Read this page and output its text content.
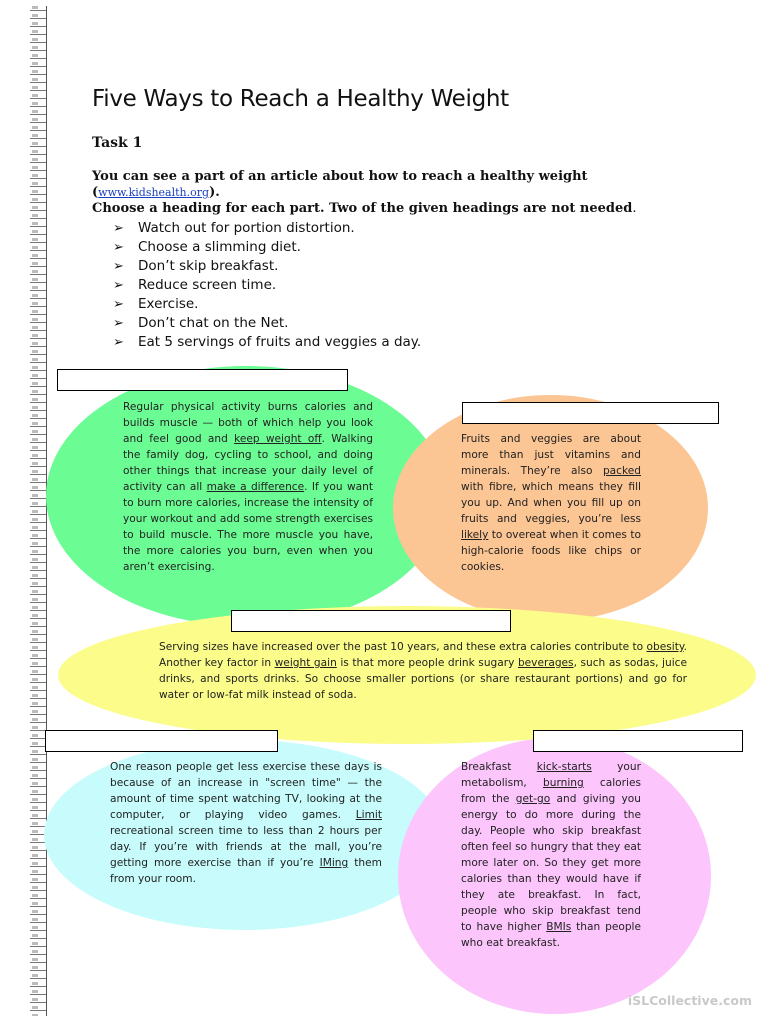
Five Ways to Reach a Healthy Weight
Task 1
You can see a part of an article about how to reach a healthy weight (www.kidshealth.org).
Choose a heading for each part. Two of the given headings are not needed.
➢ Watch out for portion distortion.
➢ Choose a slimming diet.
➢ Don’t skip breakfast.
➢ Reduce screen time.
➢ Exercise.
➢ Don’t chat on the Net.
➢ Eat 5 servings of fruits and veggies a day.
Regular physical activity burns calories and builds muscle — both of which help you look and feel good and keep weight off. Walking the family dog, cycling to school, and doing other things that increase your daily level of activity can all make a difference. If you want to burn more calories, increase the intensity of your workout and add some strength exercises to build muscle. The more muscle you have, the more calories you burn, even when you aren’t exercising.
Fruits and veggies are about more than just vitamins and minerals. They’re also packed with fibre, which means they fill you up. And when you fill up on fruits and veggies, you’re less likely to overeat when it comes to high-calorie foods like chips or cookies.
Serving sizes have increased over the past 10 years, and these extra calories contribute to obesity. Another key factor in weight gain is that more people drink sugary beverages, such as sodas, juice drinks, and sports drinks. So choose smaller portions (or share restaurant portions) and go for water or low-fat milk instead of soda.
One reason people get less exercise these days is because of an increase in "screen time" — the amount of time spent watching TV, looking at the computer, or playing video games. Limit recreational screen time to less than 2 hours per day. If you’re with friends at the mall, you’re getting more exercise than if you’re IMing them from your room.
Breakfast kick-starts your metabolism, burning calories from the get-go and giving you energy to do more during the day. People who skip breakfast often feel so hungry that they eat more later on. So they get more calories than they would have if they ate breakfast. In fact, people who skip breakfast tend to have higher BMIs than people who eat breakfast.
iSLCollective.com
